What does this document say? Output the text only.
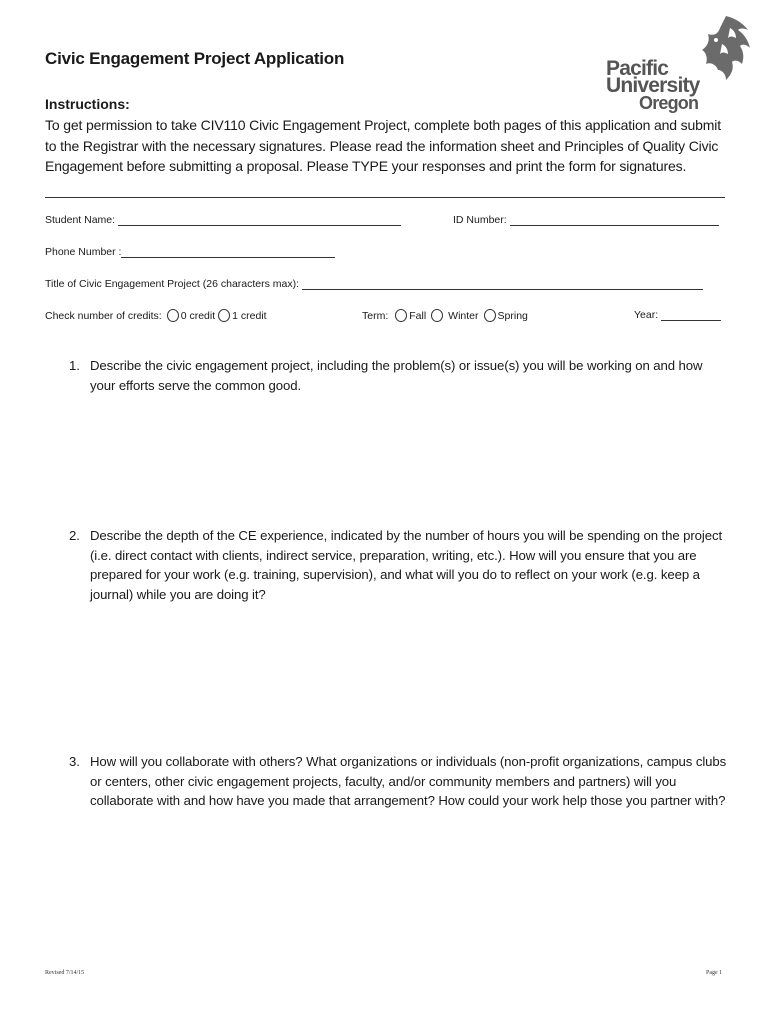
Civic Engagement Project Application	Pacific
University
Oregon
Instructions:
To get permission to take CIV110 Civic Engagement Project, complete both pages of this application and submit to the Registrar with the necessary signatures. Please read the information sheet and Principles of Quality Civic Engagement before submitting a proposal. Please TYPE your responses and print the form for signatures.
Student Name:	ID Number:
Phone Number :
Title of Civic Engagement Project (26 characters max):
Check number of credits: 0 credit 1 credit	Term: Fall Winter Spring	Year:
1. Describe the civic engagement project, including the problem(s) or issue(s) you will be working on and how your efforts serve the common good.
2. Describe the depth of the CE experience, indicated by the number of hours you will be spending on the project (i.e. direct contact with clients, indirect service, preparation, writing, etc.). How will you ensure that you are prepared for your work (e.g. training, supervision), and what will you do to reflect on your work (e.g. keep a journal) while you are doing it?
3. How will you collaborate with others? What organizations or individuals (non-profit organizations, campus clubs or centers, other civic engagement projects, faculty, and/or community members and partners) will you collaborate with and how have you made that arrangement? How could your work help those you partner with?
Revised 7/14/15	Page 1
